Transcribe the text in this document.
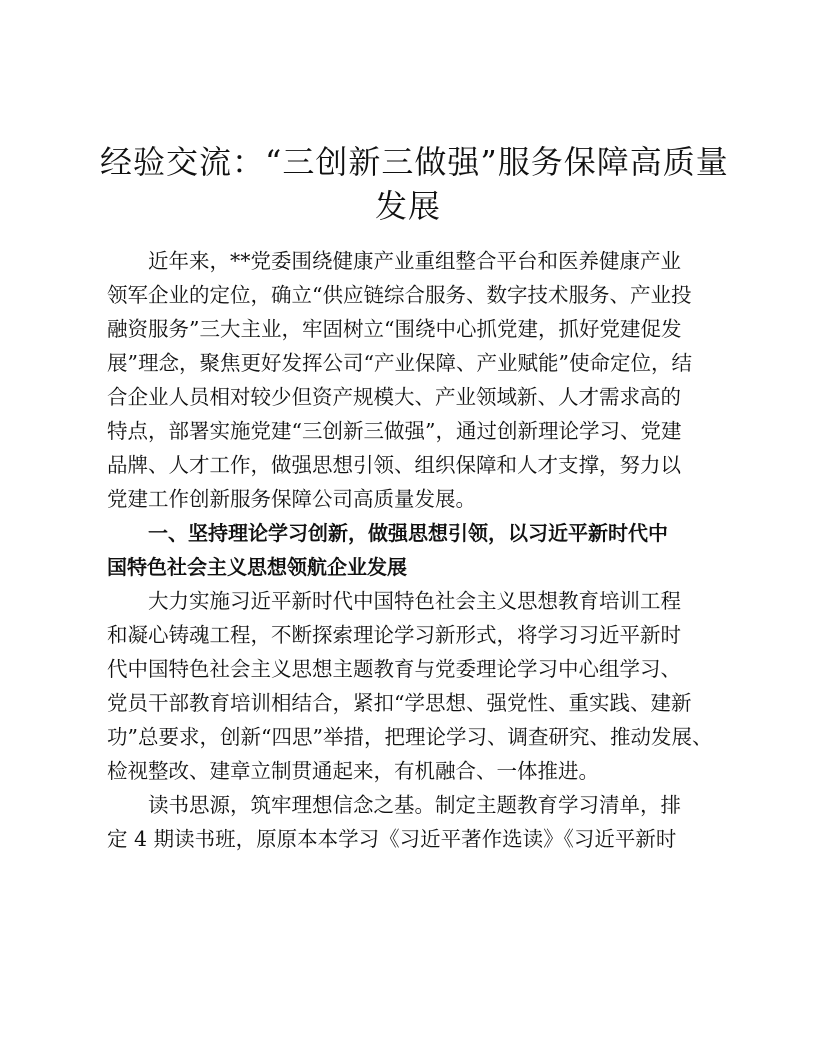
经验交流：“三创新三做强”服务保障高质量
发展

近年来，**党委围绕健康产业重组整合平台和医养健康产业
领军企业的定位，确立“供应链综合服务、数字技术服务、产业投
融资服务”三大主业，牢固树立“围绕中心抓党建，抓好党建促发
展”理念，聚焦更好发挥公司“产业保障、产业赋能”使命定位，结
合企业人员相对较少但资产规模大、产业领域新、人才需求高的
特点，部署实施党建“三创新三做强”，通过创新理论学习、党建
品牌、人才工作，做强思想引领、组织保障和人才支撑，努力以
党建工作创新服务保障公司高质量发展。

一、坚持理论学习创新，做强思想引领，以习近平新时代中
国特色社会主义思想领航企业发展

大力实施习近平新时代中国特色社会主义思想教育培训工程
和凝心铸魂工程，不断探索理论学习新形式，将学习习近平新时
代中国特色社会主义思想主题教育与党委理论学习中心组学习、
党员干部教育培训相结合，紧扣“学思想、强党性、重实践、建新
功”总要求，创新“四思”举措，把理论学习、调查研究、推动发展、
检视整改、建章立制贯通起来，有机融合、一体推进。

读书思源，筑牢理想信念之基。制定主题教育学习清单，排
定 4 期读书班，原原本本学习《习近平著作选读》《习近平新时
